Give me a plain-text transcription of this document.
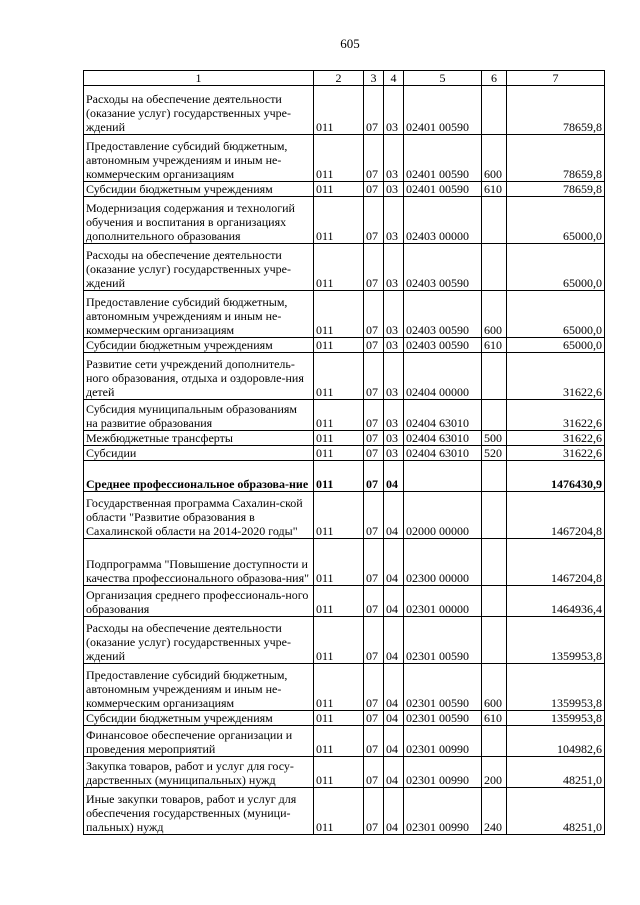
605
1	2	3	4	5	6	7
Расходы на обеспечение деятельности (оказание услуг) государственных учре-ждений	011	07	03	02401 00590		78659,8
Предоставление субсидий бюджетным, автономным учреждениям и иным не-коммерческим организациям	011	07	03	02401 00590	600	78659,8
Субсидии бюджетным учреждениям	011	07	03	02401 00590	610	78659,8
Модернизация содержания и технологий обучения и воспитания в организациях дополнительного образования	011	07	03	02403 00000		65000,0
Расходы на обеспечение деятельности (оказание услуг) государственных учре-ждений	011	07	03	02403 00590		65000,0
Предоставление субсидий бюджетным, автономным учреждениям и иным не-коммерческим организациям	011	07	03	02403 00590	600	65000,0
Субсидии бюджетным учреждениям	011	07	03	02403 00590	610	65000,0
Развитие сети учреждений дополнитель-ного образования, отдыха и оздоровле-ния детей	011	07	03	02404 00000		31622,6
Субсидия муниципальным образованиям на развитие образования	011	07	03	02404 63010		31622,6
Межбюджетные трансферты	011	07	03	02404 63010	500	31622,6
Субсидии	011	07	03	02404 63010	520	31622,6
Среднее профессиональное образова-ние	011	07	04			1476430,9
Государственная программа Сахалин-ской области "Развитие образования в Сахалинской области на 2014-2020 годы"	011	07	04	02000 00000		1467204,8
Подпрограмма "Повышение доступности и качества профессионального образова-ния"	011	07	04	02300 00000		1467204,8
Организация среднего профессиональ-ного образования	011	07	04	02301 00000		1464936,4
Расходы на обеспечение деятельности (оказание услуг) государственных учре-ждений	011	07	04	02301 00590		1359953,8
Предоставление субсидий бюджетным, автономным учреждениям и иным не-коммерческим организациям	011	07	04	02301 00590	600	1359953,8
Субсидии бюджетным учреждениям	011	07	04	02301 00590	610	1359953,8
Финансовое обеспечение организации и проведения мероприятий	011	07	04	02301 00990		104982,6
Закупка товаров, работ и услуг для госу-дарственных (муниципальных) нужд	011	07	04	02301 00990	200	48251,0
Иные закупки товаров, работ и услуг для обеспечения государственных (муници-пальных) нужд	011	07	04	02301 00990	240	48251,0
